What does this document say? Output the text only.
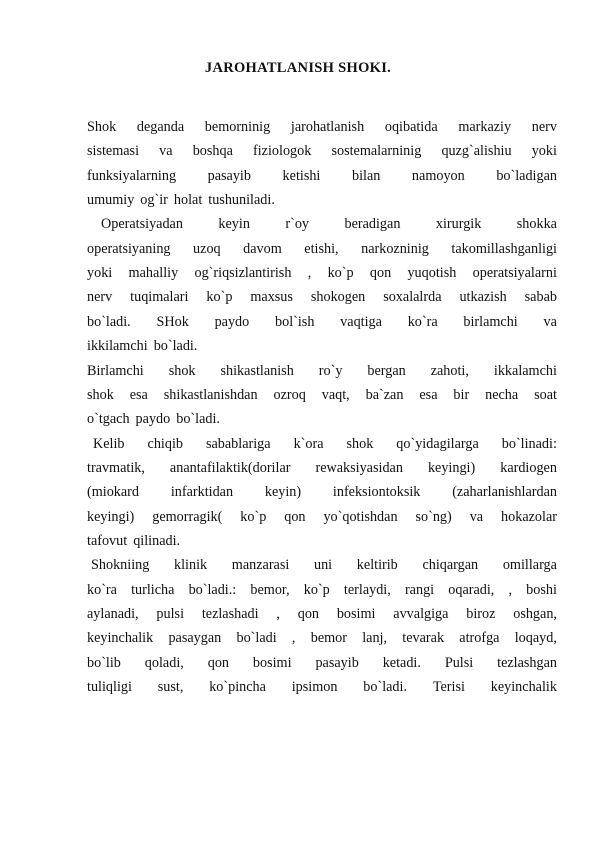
JAROHATLANISH SHOKI.
Shok deganda bemorninig jarohatlanish oqibatida markaziy nerv
sistemasi va boshqa fiziologok sostemalarninig quzg`alishiu yoki
funksiyalarning pasayib ketishi bilan namoyon bo`ladigan
umumiy og`ir holat tushuniladi.
Operatsiyadan keyin r`oy beradigan xirurgik shokka
operatsiyaning uzoq davom etishi, narkozninig takomillashganligi
yoki mahalliy og`riqsizlantirish , ko`p qon yuqotish operatsiyalarni
nerv tuqimalari ko`p maxsus shokogen soxalalrda utkazish sabab
bo`ladi. SHok paydo bol`ish vaqtiga ko`ra birlamchi va
ikkilamchi bo`ladi.
Birlamchi shok shikastlanish ro`y bergan zahoti, ikkalamchi
shok esa shikastlanishdan ozroq vaqt, ba`zan esa bir necha soat
o`tgach paydo bo`ladi.
Kelib chiqib sabablariga k`ora shok qo`yidagilarga bo`linadi:
travmatik, anantafilaktik(dorilar rewaksiyasidan keyingi) kardiogen
(miokard infarktidan keyin) infeksiontoksik (zaharlanishlardan
keyingi) gemorragik( ko`p qon yo`qotishdan so`ng) va hokazolar
tafovut qilinadi.
Shokniing klinik manzarasi uni keltirib chiqargan omillarga
ko`ra turlicha bo`ladi.: bemor, ko`p terlaydi, rangi oqaradi, , boshi
aylanadi, pulsi tezlashadi , qon bosimi avvalgiga biroz oshgan,
keyinchalik pasaygan bo`ladi , bemor lanj, tevarak atrofga loqayd,
bo`lib qoladi, qon bosimi pasayib ketadi. Pulsi tezlashgan
tuliqligi sust, ko`pincha ipsimon bo`ladi. Terisi keyinchalik
